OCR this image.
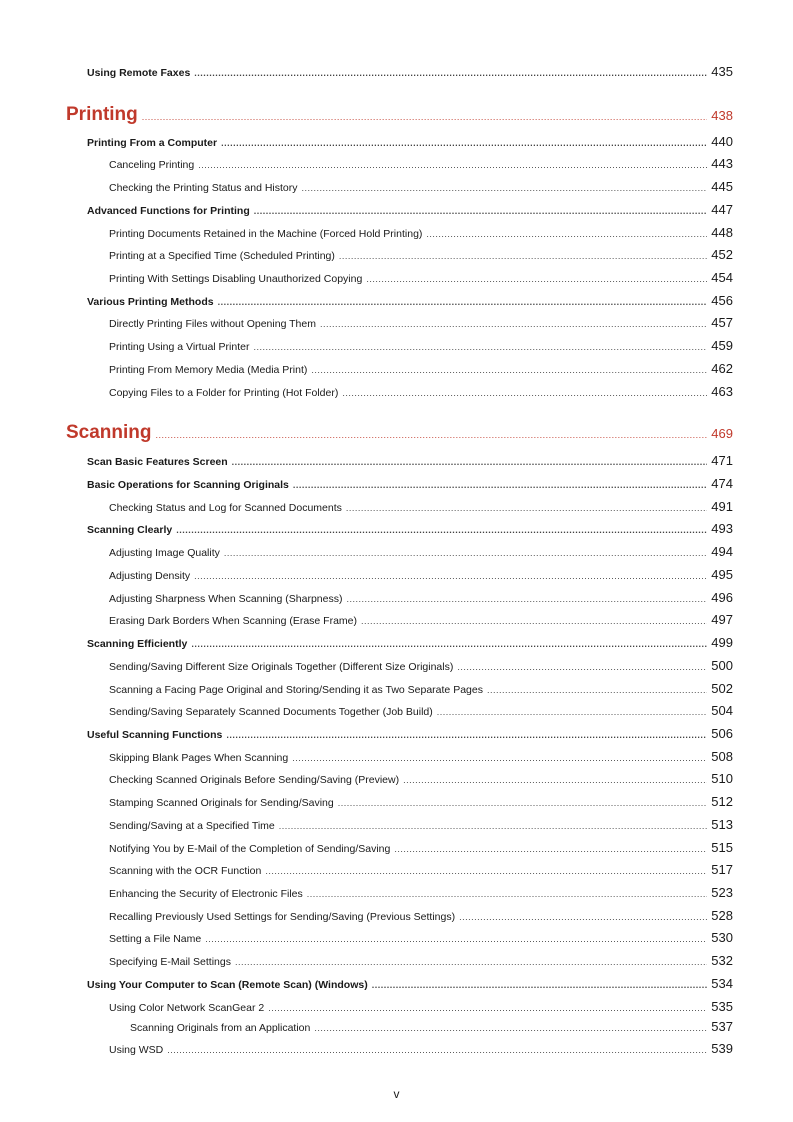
Using Remote Faxes .....	435
Printing .....	438
Printing From a Computer .....	440
Canceling Printing .....	443
Checking the Printing Status and History .....	445
Advanced Functions for Printing .....	447
Printing Documents Retained in the Machine (Forced Hold Printing) .....	448
Printing at a Specified Time (Scheduled Printing) .....	452
Printing With Settings Disabling Unauthorized Copying .....	454
Various Printing Methods .....	456
Directly Printing Files without Opening Them .....	457
Printing Using a Virtual Printer .....	459
Printing From Memory Media (Media Print) .....	462
Copying Files to a Folder for Printing (Hot Folder) .....	463
Scanning .....	469
Scan Basic Features Screen .....	471
Basic Operations for Scanning Originals .....	474
Checking Status and Log for Scanned Documents .....	491
Scanning Clearly .....	493
Adjusting Image Quality .....	494
Adjusting Density .....	495
Adjusting Sharpness When Scanning (Sharpness) .....	496
Erasing Dark Borders When Scanning (Erase Frame) .....	497
Scanning Efficiently .....	499
Sending/Saving Different Size Originals Together (Different Size Originals) .....	500
Scanning a Facing Page Original and Storing/Sending it as Two Separate Pages .....	502
Sending/Saving Separately Scanned Documents Together (Job Build) .....	504
Useful Scanning Functions .....	506
Skipping Blank Pages When Scanning .....	508
Checking Scanned Originals Before Sending/Saving (Preview) .....	510
Stamping Scanned Originals for Sending/Saving .....	512
Sending/Saving at a Specified Time .....	513
Notifying You by E-Mail of the Completion of Sending/Saving .....	515
Scanning with the OCR Function .....	517
Enhancing the Security of Electronic Files .....	523
Recalling Previously Used Settings for Sending/Saving (Previous Settings) .....	528
Setting a File Name .....	530
Specifying E-Mail Settings .....	532
Using Your Computer to Scan (Remote Scan) (Windows) .....	534
Using Color Network ScanGear 2 .....	535
Scanning Originals from an Application .....	537
Using WSD .....	539
v
